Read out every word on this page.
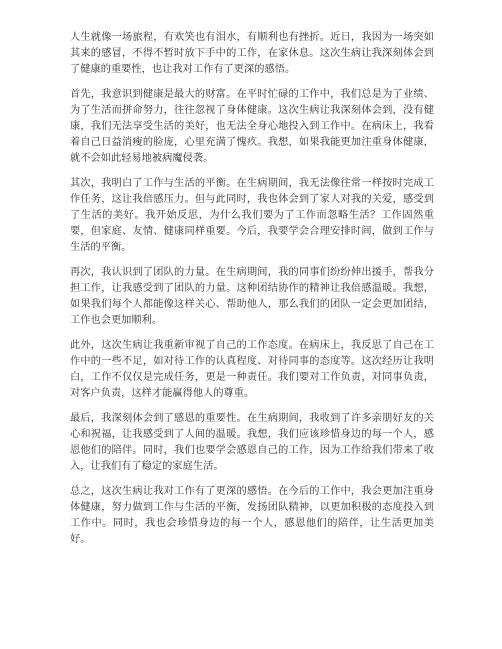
人生就像一场旅程，有欢笑也有泪水，有顺利也有挫折。近日，我因为一场突如其来的感冒，不得不暂时放下手中的工作，在家休息。这次生病让我深刻体会到了健康的重要性，也让我对工作有了更深的感悟。

首先，我意识到健康是最大的财富。在平时忙碌的工作中，我们总是为了业绩、为了生活而拼命努力，往往忽视了身体健康。这次生病让我深刻体会到，没有健康，我们无法享受生活的美好，也无法全身心地投入到工作中。在病床上，我看着自己日益消瘦的脸庞，心里充满了愧疚。我想，如果我能更加注重身体健康，就不会如此轻易地被病魔侵袭。

其次，我明白了工作与生活的平衡。在生病期间，我无法像往常一样按时完成工作任务，这让我倍感压力。但与此同时，我也体会到了家人对我的关爱，感受到了生活的美好。我开始反思，为什么我们要为了工作而忽略生活？工作固然重要，但家庭、友情、健康同样重要。今后，我要学会合理安排时间，做到工作与生活的平衡。

再次，我认识到了团队的力量。在生病期间，我的同事们纷纷伸出援手，帮我分担工作，让我感受到了团队的力量。这种团结协作的精神让我倍感温暖。我想，如果我们每个人都能像这样关心、帮助他人，那么我们的团队一定会更加团结，工作也会更加顺利。

此外，这次生病让我重新审视了自己的工作态度。在病床上，我反思了自己在工作中的一些不足，如对待工作的认真程度、对待同事的态度等。这次经历让我明白，工作不仅仅是完成任务，更是一种责任。我们要对工作负责，对同事负责，对客户负责，这样才能赢得他人的尊重。

最后，我深刻体会到了感恩的重要性。在生病期间，我收到了许多亲朋好友的关心和祝福，让我感受到了人间的温暖。我想，我们应该珍惜身边的每一个人，感恩他们的陪伴。同时，我们也要学会感恩自己的工作，因为工作给我们带来了收入，让我们有了稳定的家庭生活。

总之，这次生病让我对工作有了更深的感悟。在今后的工作中，我会更加注重身体健康，努力做到工作与生活的平衡，发扬团队精神，以更加积极的态度投入到工作中。同时，我也会珍惜身边的每一个人，感恩他们的陪伴，让生活更加美好。
